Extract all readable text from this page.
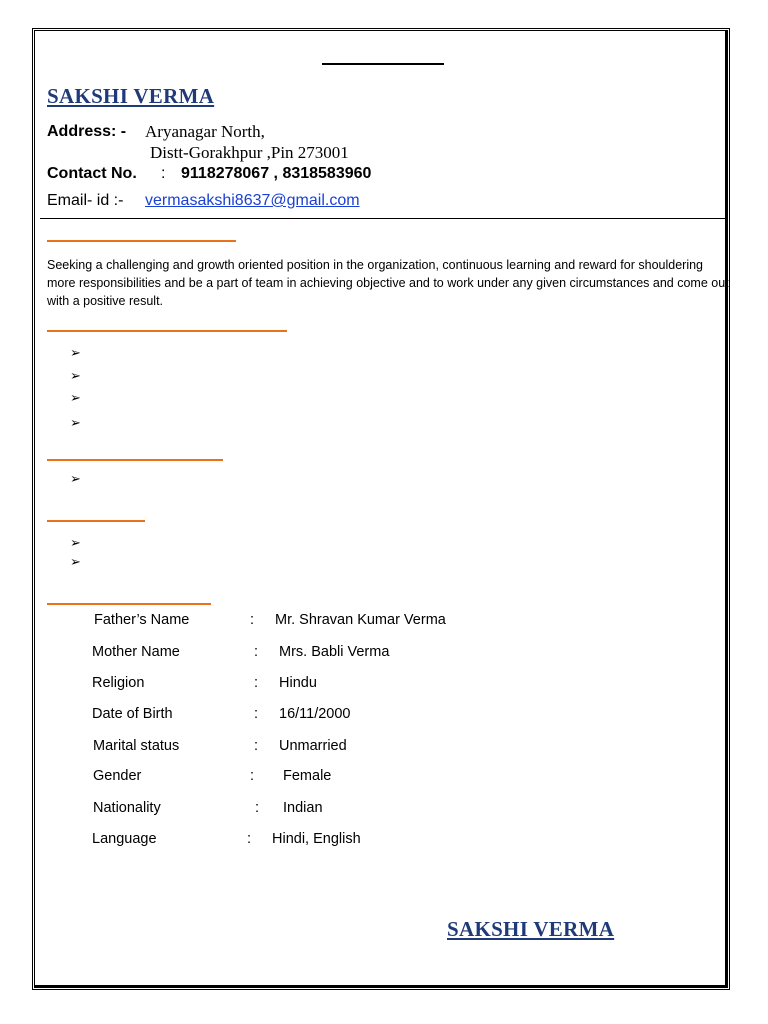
SAKSHI VERMA
Address: - Aryanagar North,
Distt-Gorakhpur ,Pin 273001
Contact No. : 9118278067 , 8318583960
Email- id :- vermasakshi8637@gmail.com
Seeking a challenging and growth oriented position in the organization, continuous learning and reward for shouldering more responsibilities and be a part of team in achieving objective and to work under any given circumstances and come out with a positive result.
➢
➢
➢
➢
➢
➢
➢
Father’s Name	: Mr. Shravan Kumar Verma
Mother Name	: Mrs. Babli Verma
Religion	: Hindu
Date of Birth	: 16/11/2000
Marital status	: Unmarried
Gender	: Female
Nationality	: Indian
Language	: Hindi, English
SAKSHI VERMA
